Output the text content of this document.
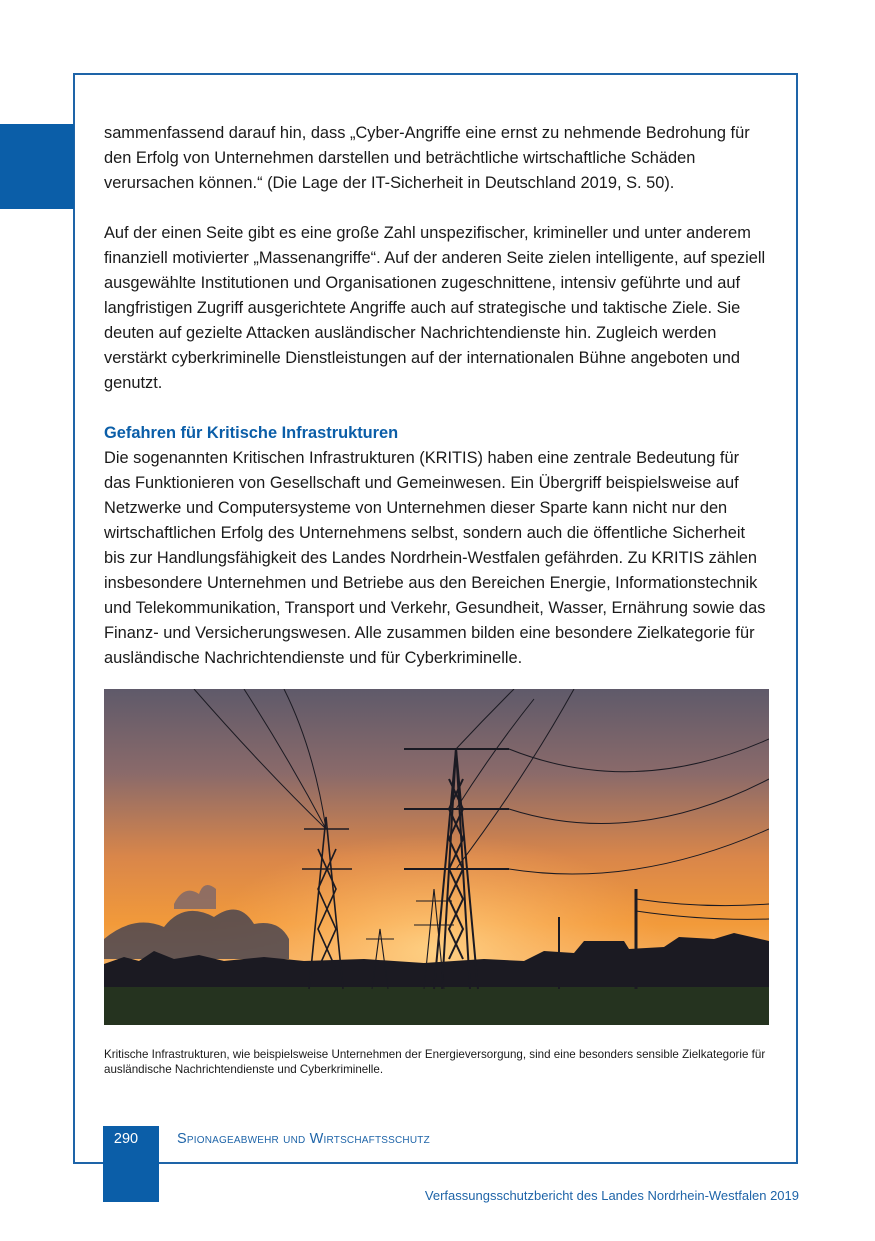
sammenfassend darauf hin, dass „Cyber-Angriffe eine ernst zu nehmende Bedrohung für den Erfolg von Unternehmen darstellen und beträchtliche wirtschaftliche Schäden verursachen können.“ (Die Lage der IT-Sicherheit in Deutschland 2019, S. 50).

Auf der einen Seite gibt es eine große Zahl unspezifischer, krimineller und unter anderem finanziell motivierter „Massenangriffe“. Auf der anderen Seite zielen intelligente, auf speziell ausgewählte Institutionen und Organisationen zugeschnittene, intensiv geführte und auf langfristigen Zugriff ausgerichtete Angriffe auch auf strategische und taktische Ziele. Sie deuten auf gezielte Attacken ausländischer Nachrichtendienste hin. Zugleich werden verstärkt cyberkriminelle Dienstleistungen auf der internationalen Bühne angeboten und genutzt.

Gefahren für Kritische Infrastrukturen

Die sogenannten Kritischen Infrastrukturen (KRITIS) haben eine zentrale Bedeutung für das Funktionieren von Gesellschaft und Gemeinwesen. Ein Übergriff beispielsweise auf Netzwerke und Computersysteme von Unternehmen dieser Sparte kann nicht nur den wirtschaftlichen Erfolg des Unternehmens selbst, sondern auch die öffentliche Sicherheit bis zur Handlungsfähigkeit des Landes Nordrhein-Westfalen gefährden. Zu KRITIS zählen insbesondere Unternehmen und Betriebe aus den Bereichen Energie, Informationstechnik und Telekommunikation, Transport und Verkehr, Gesundheit, Wasser, Ernährung sowie das Finanz- und Versicherungswesen. Alle zusammen bilden eine besondere Zielkategorie für ausländische Nachrichtendienste und für Cyberkriminelle.

Kritische Infrastrukturen, wie beispielsweise Unternehmen der Energieversorgung, sind eine besonders sensible Zielkategorie für ausländische Nachrichtendienste und Cyberkriminelle.
290	Spionageabwehr und Wirtschaftsschutz
Verfassungsschutzbericht des Landes Nordrhein-Westfalen 2019
